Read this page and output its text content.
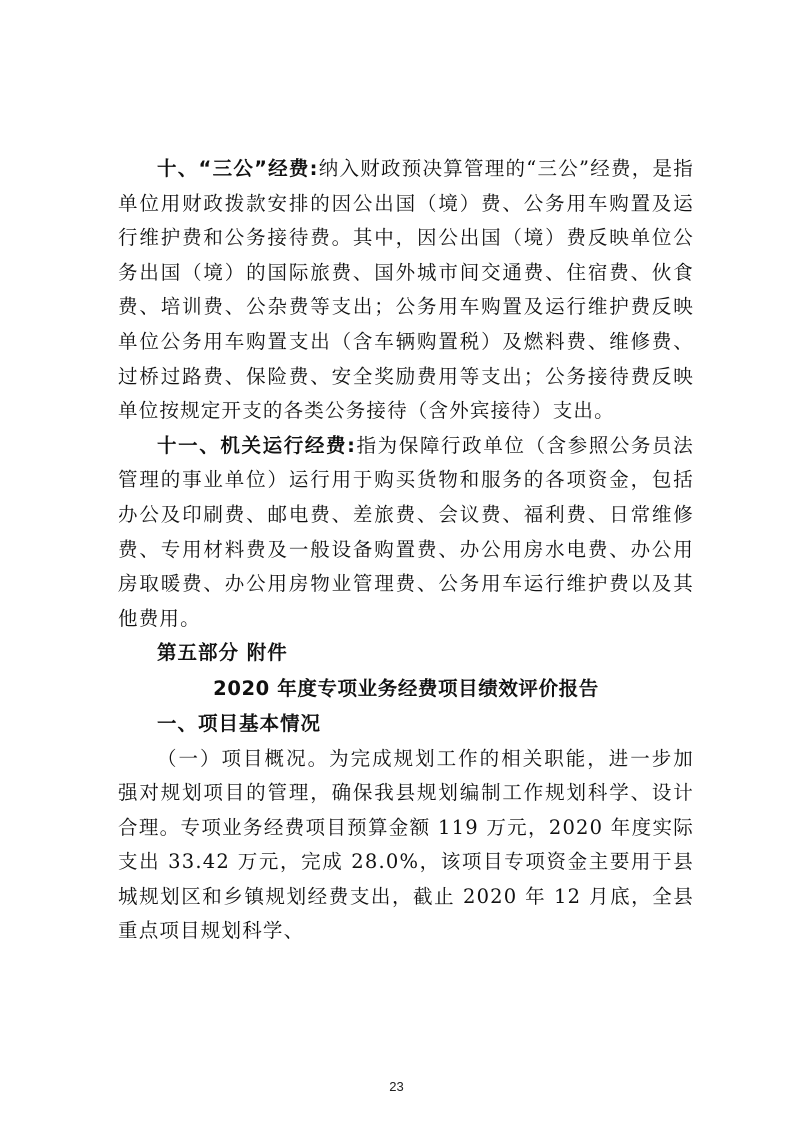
十、“三公”经费:纳入财政预决算管理的“三公”经费，是指单位用财政拨款安排的因公出国（境）费、公务用车购置及运行维护费和公务接待费。其中，因公出国（境）费反映单位公务出国（境）的国际旅费、国外城市间交通费、住宿费、伙食费、培训费、公杂费等支出；公务用车购置及运行维护费反映单位公务用车购置支出（含车辆购置税）及燃料费、维修费、过桥过路费、保险费、安全奖励费用等支出；公务接待费反映单位按规定开支的各类公务接待（含外宾接待）支出。

十一、机关运行经费:指为保障行政单位（含参照公务员法管理的事业单位）运行用于购买货物和服务的各项资金，包括办公及印刷费、邮电费、差旅费、会议费、福利费、日常维修费、专用材料费及一般设备购置费、办公用房水电费、办公用房取暖费、办公用房物业管理费、公务用车运行维护费以及其他费用。

第五部分 附件

2020 年度专项业务经费项目绩效评价报告

一、项目基本情况

（一）项目概况。为完成规划工作的相关职能，进一步加强对规划项目的管理，确保我县规划编制工作规划科学、设计合理。专项业务经费项目预算金额 119 万元，2020 年度实际支出 33.42 万元，完成 28.0%，该项目专项资金主要用于县城规划区和乡镇规划经费支出，截止 2020 年 12 月底，全县重点项目规划科学、

23
